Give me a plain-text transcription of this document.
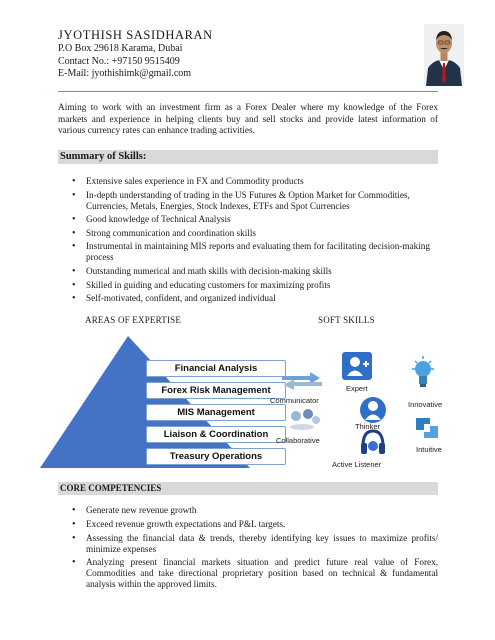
JYOTHISH SASIDHARAN
P.O Box 29618 Karama, Dubai
Contact No.: +97150 9515409
E-Mail: jyothishimk@gmail.com
Aiming to work with an investment firm as a Forex Dealer where my knowledge of the Forex markets and experience in helping clients buy and sell stocks and provide latest information of various currency rates can enhance trading activities.
Summary of Skills:
• Extensive sales experience in FX and Commodity products
• In-depth understanding of trading in the US Futures & Option Market for Commodities, Currencies, Metals, Energies, Stock Indexes, ETFs and Spot Currencies
• Good knowledge of Technical Analysis
• Strong communication and coordination skills
• Instrumental in maintaining MIS reports and evaluating them for facilitating decision-making process
• Outstanding numerical and math skills with decision-making skills
• Skilled in guiding and educating customers for maximizing profits
• Self-motivated, confident, and organized individual
AREAS OF EXPERTISE	SOFT SKILLS
Financial Analysis
Forex Risk Management
MIS Management
Liaison & Coordination
Treasury Operations
Communicator
Expert
Innovative
Collaborative
Thinker
Intuitive
Active Listener
CORE COMPETENCIES
• Generate new revenue growth
• Exceed revenue growth expectations and P&L targets.
• Assessing the financial data & trends, thereby identifying key issues to maximize profits/ minimize expenses
• Analyzing present financial markets situation and predict future real value of Forex, Commodities and take directional proprietary position based on technical & fundamental analysis within the approved limits.
